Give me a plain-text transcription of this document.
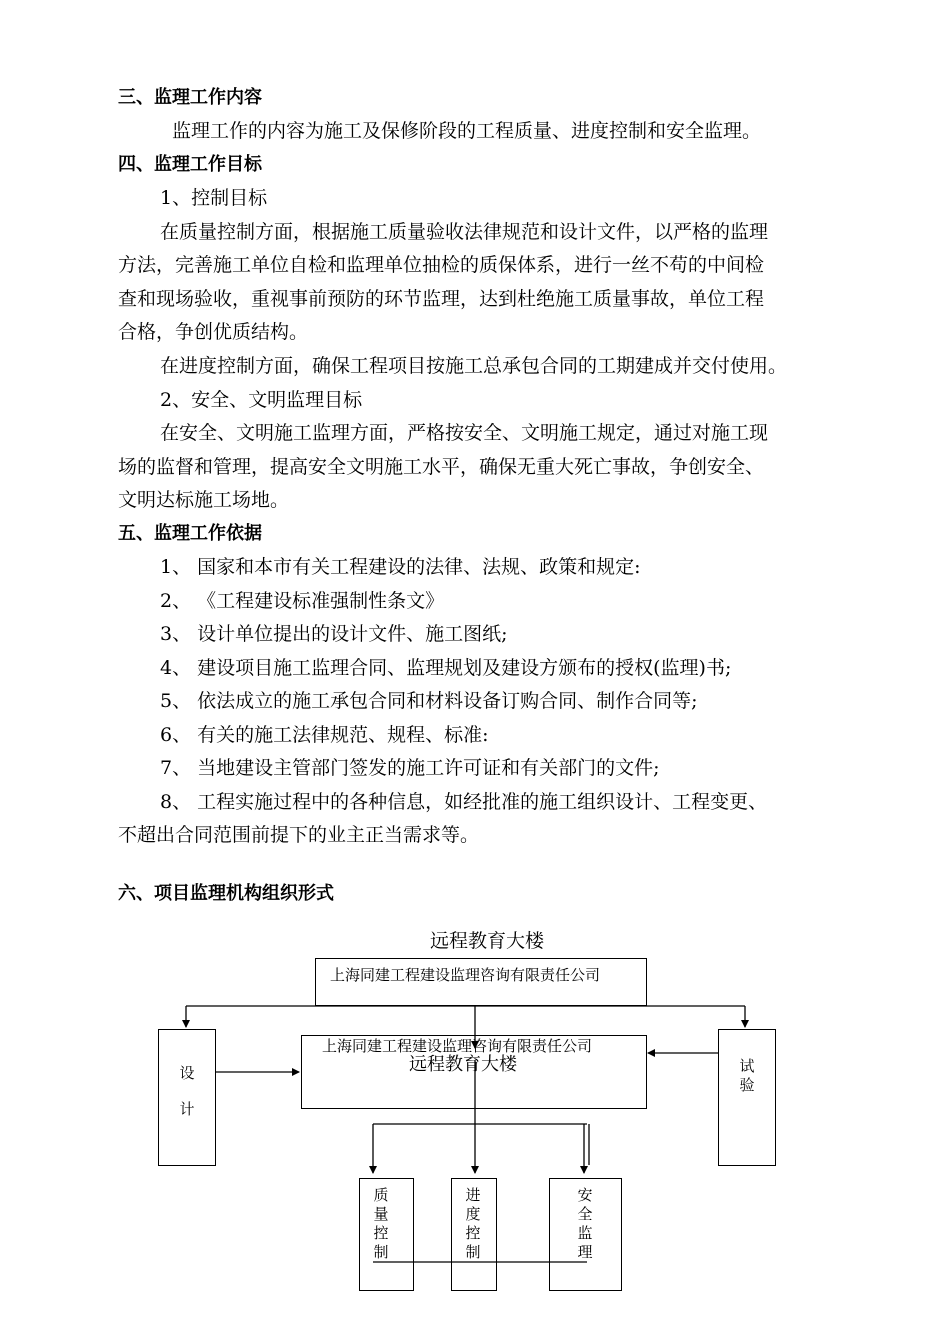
三、监理工作内容
监理工作的内容为施工及保修阶段的工程质量、进度控制和安全监理。
四、监理工作目标
1、控制目标
在质量控制方面，根据施工质量验收法律规范和设计文件，以严格的监理
方法，完善施工单位自检和监理单位抽检的质保体系，进行一丝不苟的中间检
查和现场验收，重视事前预防的环节监理，达到杜绝施工质量事故，单位工程
合格，争创优质结构。
在进度控制方面，确保工程项目按施工总承包合同的工期建成并交付使用。
2、安全、文明监理目标
在安全、文明施工监理方面，严格按安全、文明施工规定，通过对施工现
场的监督和管理，提高安全文明施工水平，确保无重大死亡事故，争创安全、
文明达标施工场地。
五、监理工作依据
1、 国家和本市有关工程建设的法律、法规、政策和规定:
2、 《工程建设标准强制性条文》
3、 设计单位提出的设计文件、施工图纸;
4、 建设项目施工监理合同、监理规划及建设方颁布的授权(监理)书;
5、 依法成立的施工承包合同和材料设备订购合同、制作合同等;
6、 有关的施工法律规范、规程、标准:
7、 当地建设主管部门签发的施工许可证和有关部门的文件;
8、 工程实施过程中的各种信息，如经批准的施工组织设计、工程变更、
不超出合同范围前提下的业主正当需求等。
六、项目监理机构组织形式
远程教育大楼
上海同建工程建设监理咨询有限责任公司
设计
试验
上海同建工程建设监理咨询有限责任公司
远程教育大楼
质量控制
进度控制
安全监理
